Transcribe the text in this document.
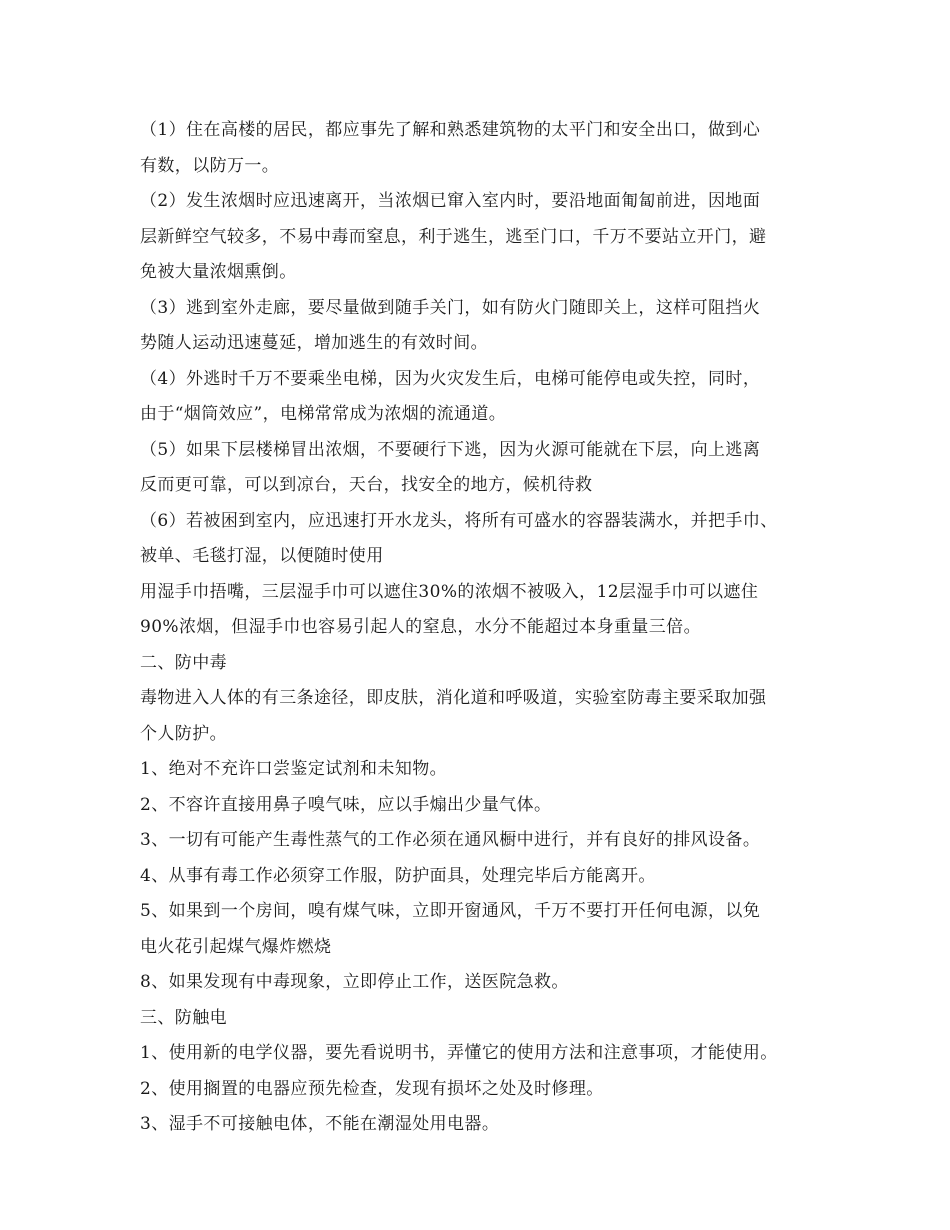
（1）住在高楼的居民，都应事先了解和熟悉建筑物的太平门和安全出口，做到心
有数，以防万一。
（2）发生浓烟时应迅速离开，当浓烟已窜入室内时，要沿地面匍匐前进，因地面
层新鲜空气较多，不易中毒而窒息，利于逃生，逃至门口，千万不要站立开门，避
免被大量浓烟熏倒。
（3）逃到室外走廊，要尽量做到随手关门，如有防火门随即关上，这样可阻挡火
势随人运动迅速蔓延，增加逃生的有效时间。
（4）外逃时千万不要乘坐电梯，因为火灾发生后，电梯可能停电或失控，同时，
由于“烟筒效应”，电梯常常成为浓烟的流通道。
（5）如果下层楼梯冒出浓烟，不要硬行下逃，因为火源可能就在下层，向上逃离
反而更可靠，可以到凉台，天台，找安全的地方，候机待救
（6）若被困到室内，应迅速打开水龙头，将所有可盛水的容器装满水，并把手巾、
被单、毛毯打湿，以便随时使用
用湿手巾捂嘴，三层湿手巾可以遮住30%的浓烟不被吸入，12层湿手巾可以遮住
90%浓烟，但湿手巾也容易引起人的窒息，水分不能超过本身重量三倍。
二、防中毒
毒物进入人体的有三条途径，即皮肤，消化道和呼吸道，实验室防毒主要采取加强
个人防护。
1、绝对不充许口尝鉴定试剂和未知物。
2、不容许直接用鼻子嗅气味，应以手煽出少量气体。
3、一切有可能产生毒性蒸气的工作必须在通风橱中进行，并有良好的排风设备。
4、从事有毒工作必须穿工作服，防护面具，处理完毕后方能离开。
5、如果到一个房间，嗅有煤气味，立即开窗通风，千万不要打开任何电源，以免
电火花引起煤气爆炸燃烧
8、如果发现有中毒现象，立即停止工作，送医院急救。
三、防触电
1、使用新的电学仪器，要先看说明书，弄懂它的使用方法和注意事项，才能使用。
2、使用搁置的电器应预先检查，发现有损坏之处及时修理。
3、湿手不可接触电体，不能在潮湿处用电器。
